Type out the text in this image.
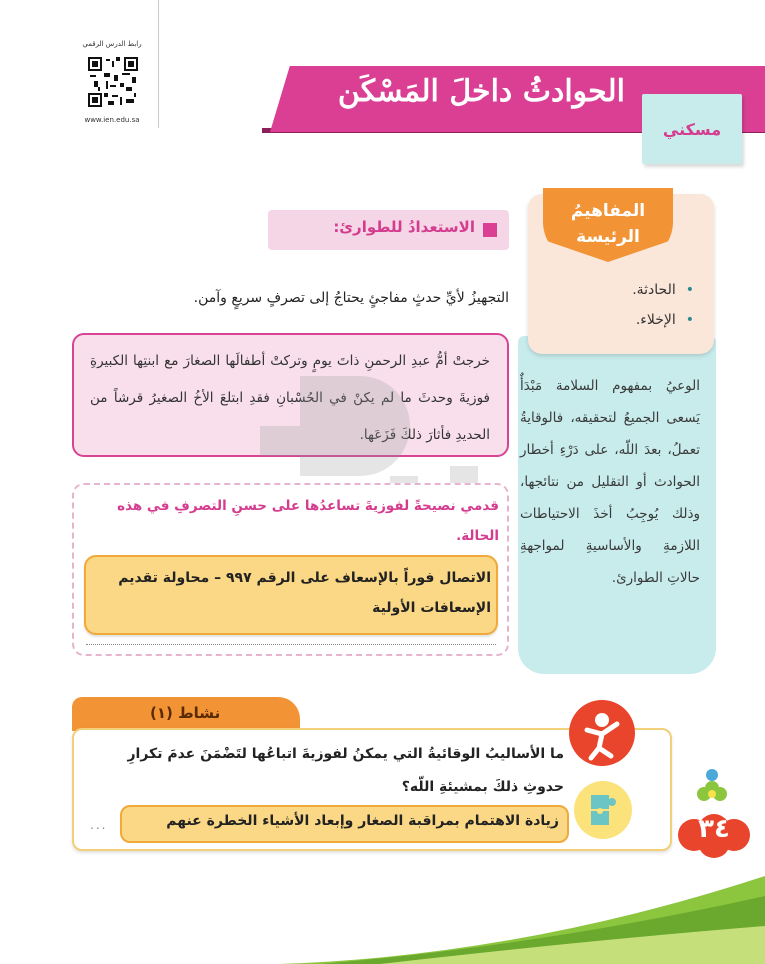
رابط الدرس الرقمي
www.ien.edu.sa
الحوادثُ داخلَ المَسْكَن
مسكني
الوعيُ بمفهوم السلامة مَبْدَأٌ يَسعى الجميعُ لتحقيقه، فالوقايةُ تعملُ، بعدَ اللّه، على دَرْءِ أخطار الحوادث أو التقليل من نتائجها، وذلك يُوجِبُ أخذَ الاحتياطات اللازمةِ والأساسيةِ لمواجهةِ حالاتِ الطوارئ.
• الحادثة.
• الإخلاء.
المفاهيمُ
الرئيسة
الاستعدادُ للطوارئ:
التجهيزُ لأيِّ حدثٍ مفاجئٍ يحتاجُ إلى تصرفٍ سريعٍ وآمن.
خرجتْ أمُّ عبدِ الرحمنِ ذاتَ يومٍ وتركتْ أطفالَها الصغارَ مع ابنتِها الكبيرةِ فوزيةَ وحدثَ ما لم يكنْ في الحُسْبانِ فقدِ ابتلعَ الأخُ الصغيرُ قرشاً من الحديدِ فأثارَ ذلكَ فَزَعَها.
قدمي نصيحةً لفوزيةَ تساعدُها على حسنِ التصرفِ في هذه الحالة.
الاتصال فوراً بالإسعاف على الرقم ٩٩٧ – محاولة تقديم الإسعافات الأولية
نشاط (١)
ما الأساليبُ الوقائيةُ التي يمكنُ لفوزيةَ اتباعُها لتَضْمَنَ عدمَ تكرارِ حدوثِ ذلكَ بمشيئةِ اللّه؟
زيادة الاهتمام بمراقبة الصغار وإبعاد الأشياء الخطرة عنهم
...	٣٤
